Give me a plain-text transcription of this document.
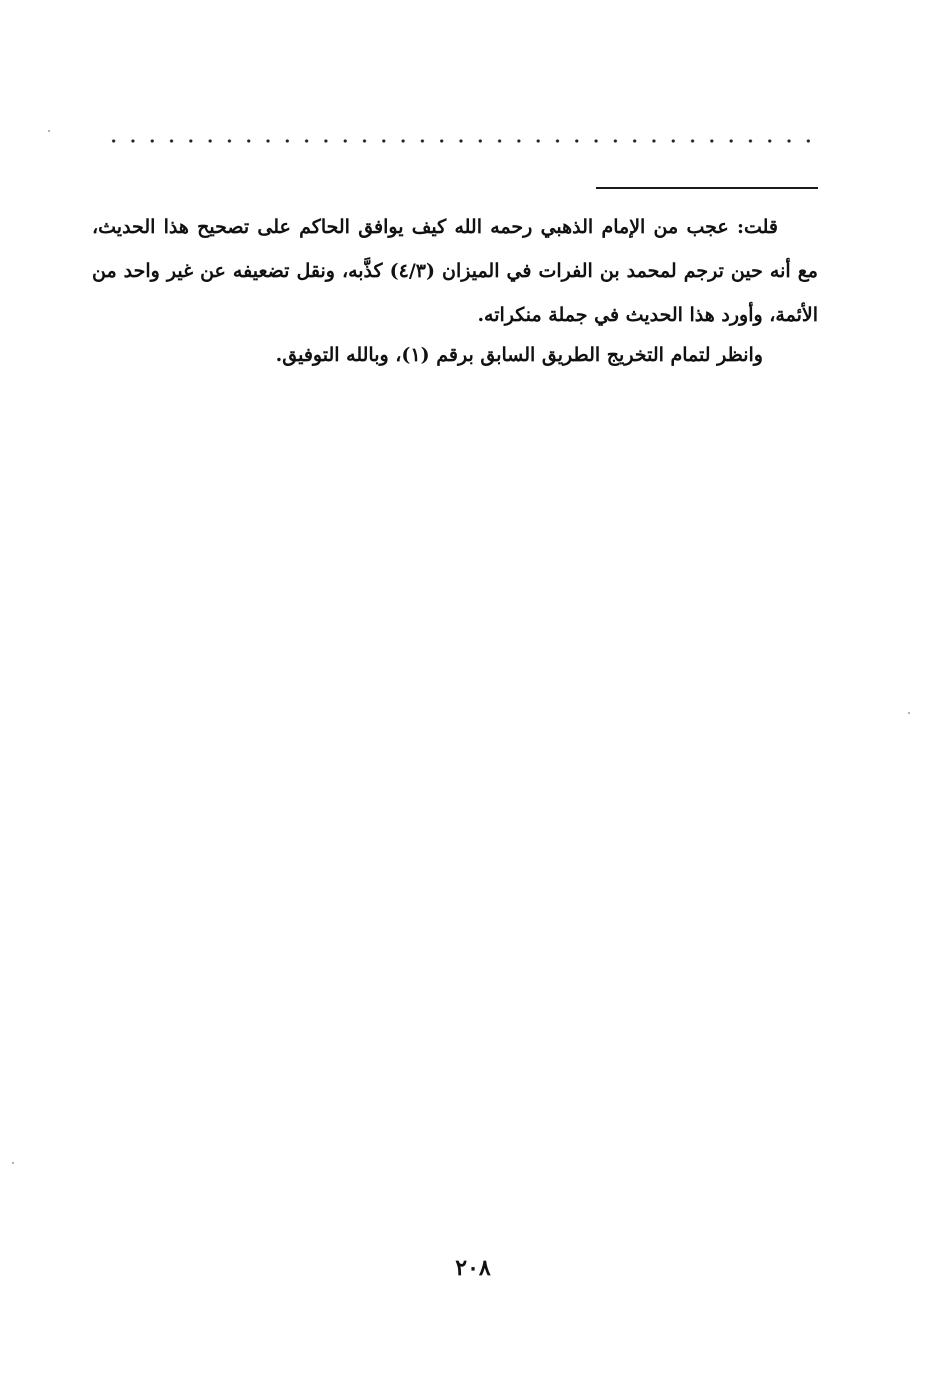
قلت: عجب من الإمام الذهبي رحمه الله كيف يوافق الحاكم على تصحيح هذا الحديث، مع أنه حين ترجم لمحمد بن الفرات في الميزان (٤/٣) كذَّبه، ونقل تضعيفه عن غير واحد من الأئمة، وأورد هذا الحديث في جملة منكراته.

وانظر لتمام التخريج الطريق السابق برقم (١)، وبالله التوفيق.

٢٠٨
